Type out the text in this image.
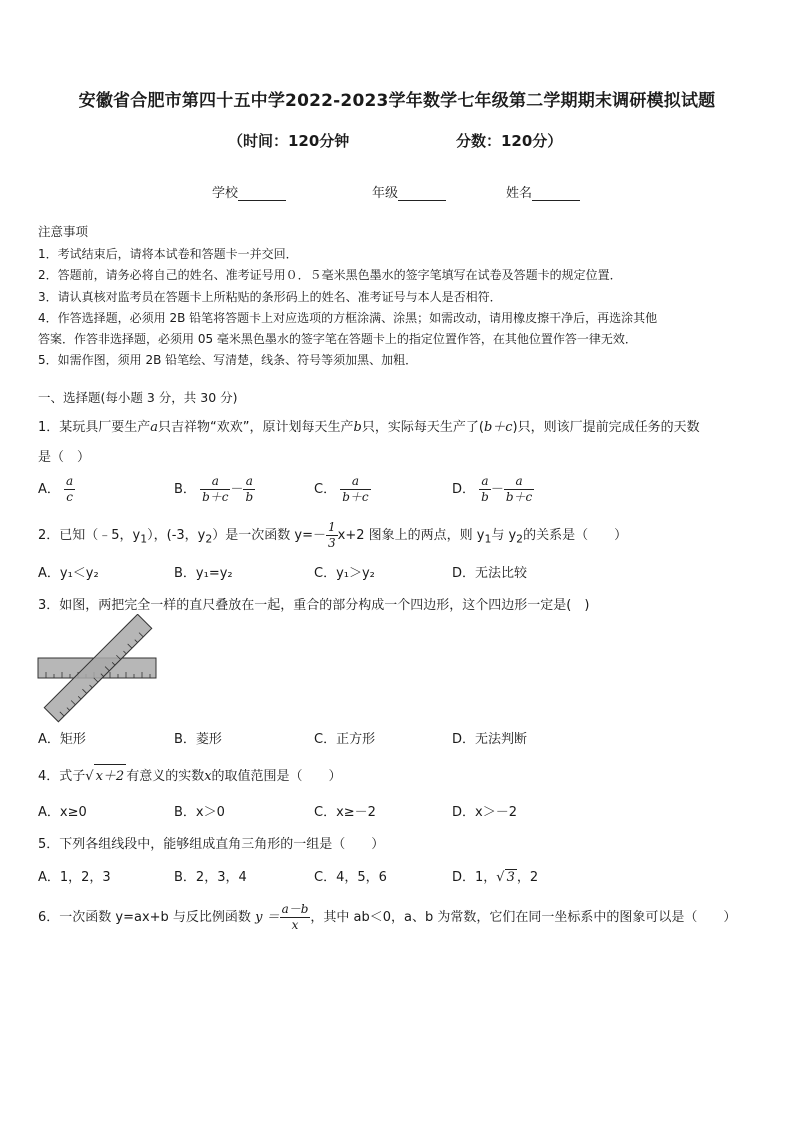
安徽省合肥市第四十五中学2022-2023学年数学七年级第二学期期末调研模拟试题
（时间：120分钟	分数：120分）
学校	年级	姓名
注意事项
1．考试结束后，请将本试卷和答题卡一并交回．
2．答题前，请务必将自己的姓名、准考证号用０．５毫米黑色墨水的签字笔填写在试卷及答题卡的规定位置．
3．请认真核对监考员在答题卡上所粘贴的条形码上的姓名、准考证号与本人是否相符．
4．作答选择题，必须用 2B 铅笔将答题卡上对应选项的方框涂满、涂黑；如需改动，请用橡皮擦干净后，再选涂其他
答案．作答非选择题，必须用 05 毫米黑色墨水的签字笔在答题卡上的指定位置作答，在其他位置作答一律无效．
5．如需作图，须用 2B 铅笔绘、写清楚，线条、符号等须加黑、加粗．
一、选择题(每小题 3 分，共 30 分)
1．某玩具厂要生产a只吉祥物“欢欢”，原计划每天生产b只，实际每天生产了(b＋c)只，则该厂提前完成任务的天数
是（　）
A． $\frac{a}{c}$	B． $\frac{a}{b+c} - \frac{a}{b}$	C． $\frac{a}{b+c}$	D． $\frac{a}{b} - \frac{a}{b+c}$
2．已知（﹣5，$y_1$），(-3，$y_2$）是一次函数 $y=- \frac{1}{3} x+2$ 图象上的两点，则 $y_1$与 $y_2$的关系是（　　）
A．y₁＜y₂	B．y₁=y₂	C．y₁＞y₂	D．无法比较
3．如图，两把完全一样的直尺叠放在一起，重合的部分构成一个四边形，这个四边形一定是(　)
A．矩形	B．菱形	C．正方形	D．无法判断
4．式子√ x＋2 有意义的实数x的取值范围是（　　）
A．x≥0	B．x＞0	C．x≥－2	D．x＞－2
5．下列各组线段中，能够组成直角三角形的一组是（　　）
A．1，2，3	B．2，3，4	C．4，5，6	D．1，√ 3 ，2
6．一次函数 y=ax+b 与反比例函数 $y = \frac{a-b}{x}$ ，其中 ab＜0，a、b 为常数，它们在同一坐标系中的图象可以是（　　）
